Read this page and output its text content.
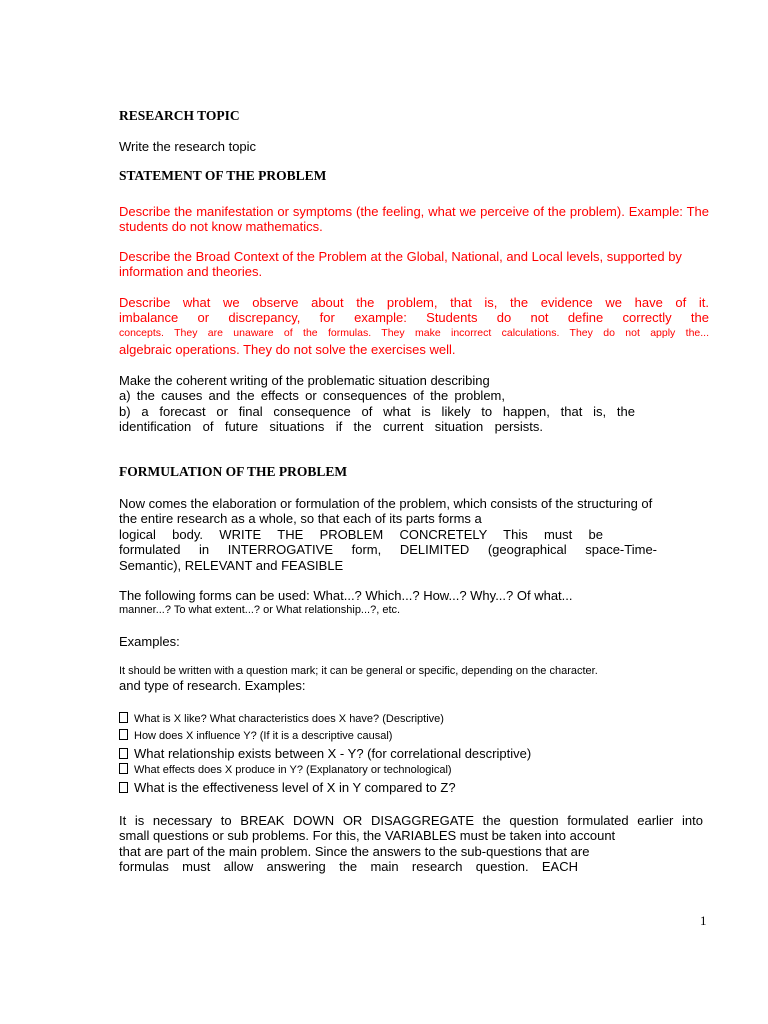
RESEARCH TOPIC

Write the research topic

STATEMENT OF THE PROBLEM

Describe the manifestation or symptoms (the feeling, what we perceive of the problem). Example: The students do not know mathematics.

Describe the Broad Context of the Problem at the Global, National, and Local levels, supported by information and theories.

Describe what we observe about the problem, that is, the evidence we have of it.
imbalance or discrepancy, for example: Students do not define correctly the
concepts. They are unaware of the formulas. They make incorrect calculations. They do not apply the...
algebraic operations. They do not solve the exercises well.
Make the coherent writing of the problematic situation describing
a) the causes and the effects or consequences of the problem,
b) a forecast or final consequence of what is likely to happen, that is, the
identification of future situations if the current situation persists.

FORMULATION OF THE PROBLEM

Now comes the elaboration or formulation of the problem, which consists of the structuring of
the entire research as a whole, so that each of its parts forms a
logical body. WRITE THE PROBLEM CONCRETELY This must be
formulated in INTERROGATIVE form, DELIMITED (geographical space-Time-
Semantic), RELEVANT and FEASIBLE
The following forms can be used: What...? Which...? How...? Why...? Of what...
manner...? To what extent...? or What relationship...?, etc.

Examples:

It should be written with a question mark; it can be general or specific, depending on the character.
and type of research. Examples:
What is X like? What characteristics does X have? (Descriptive)
How does X influence Y? (If it is a descriptive causal)
What relationship exists between X - Y? (for correlational descriptive)
What effects does X produce in Y? (Explanatory or technological)
What is the effectiveness level of X in Y compared to Z?
It is necessary to BREAK DOWN OR DISAGGREGATE the question formulated earlier into
small questions or sub problems. For this, the VARIABLES must be taken into account
that are part of the main problem. Since the answers to the sub-questions that are
formulas must allow answering the main research question. EACH
1
